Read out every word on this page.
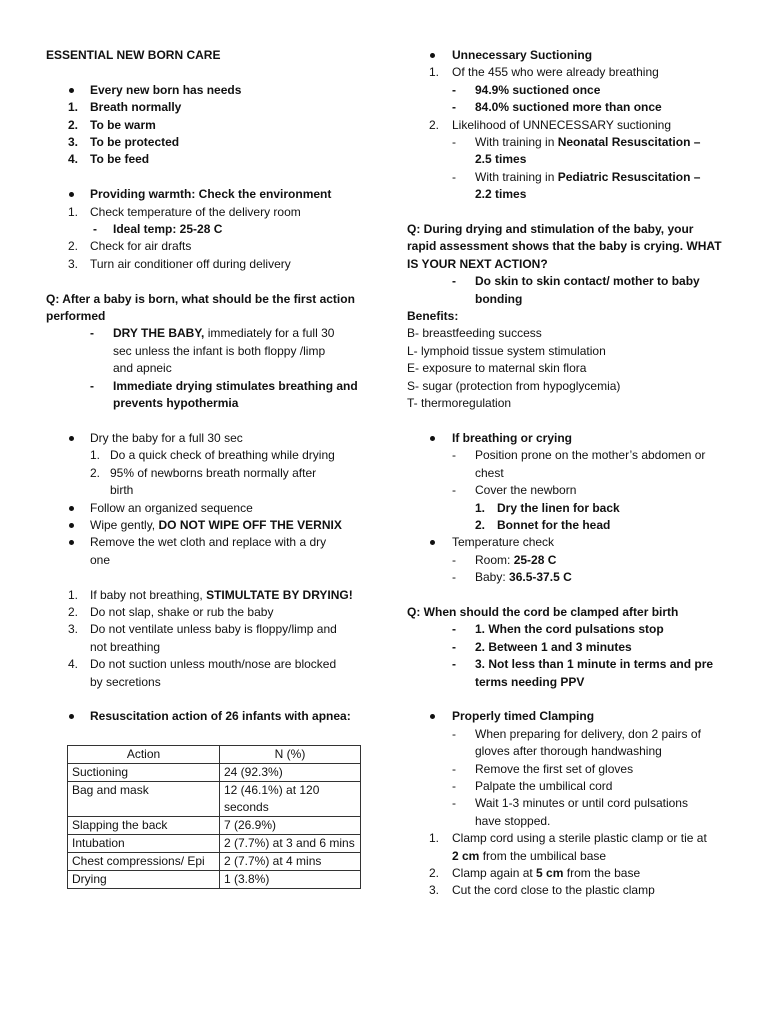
ESSENTIAL NEW BORN CARE
Every new born has needs
1. Breath normally
2. To be warm
3. To be protected
4. To be feed
Providing warmth: Check the environment
1. Check temperature of the delivery room
- Ideal temp: 25-28 C
2. Check for air drafts
3. Turn air conditioner off during delivery
Q: After a baby is born, what should be the first action
performed
- DRY THE BABY, immediately for a full 30
sec unless the infant is both floppy /limp
and apneic
- Immediate drying stimulates breathing and
prevents hypothermia
Dry the baby for a full 30 sec
1. Do a quick check of breathing while drying
2. 95% of newborns breath normally after
birth
Follow an organized sequence
Wipe gently, DO NOT WIPE OFF THE VERNIX
Remove the wet cloth and replace with a dry
one
1. If baby not breathing, STIMULTATE BY DRYING!
2. Do not slap, shake or rub the baby
3. Do not ventilate unless baby is floppy/limp and
not breathing
4. Do not suction unless mouth/nose are blocked
by secretions
Resuscitation action of 26 infants with apnea:
Action	N (%)
Suctioning	24 (92.3%)
Bag and mask	12 (46.1%) at 120 seconds
Slapping the back	7 (26.9%)
Intubation	2 (7.7%) at 3 and 6 mins
Chest compressions/ Epi	2 (7.7%) at 4 mins
Drying	1 (3.8%)
Unnecessary Suctioning
1. Of the 455 who were already breathing
- 94.9% suctioned once
- 84.0% suctioned more than once
2. Likelihood of UNNECESSARY suctioning
- With training in Neonatal Resuscitation –
2.5 times
- With training in Pediatric Resuscitation –
2.2 times
Q: During drying and stimulation of the baby, your
rapid assessment shows that the baby is crying. WHAT
IS YOUR NEXT ACTION?
- Do skin to skin contact/ mother to baby
bonding
Benefits:
B- breastfeeding success
L- lymphoid tissue system stimulation
E- exposure to maternal skin flora
S- sugar (protection from hypoglycemia)
T- thermoregulation
If breathing or crying
- Position prone on the mother’s abdomen or
chest
- Cover the newborn
1. Dry the linen for back
2. Bonnet for the head
Temperature check
- Room: 25-28 C
- Baby: 36.5-37.5 C
Q: When should the cord be clamped after birth
- 1. When the cord pulsations stop
- 2. Between 1 and 3 minutes
- 3. Not less than 1 minute in terms and pre
terms needing PPV
Properly timed Clamping
- When preparing for delivery, don 2 pairs of
gloves after thorough handwashing
- Remove the first set of gloves
- Palpate the umbilical cord
- Wait 1-3 minutes or until cord pulsations
have stopped.
1. Clamp cord using a sterile plastic clamp or tie at
2 cm from the umbilical base
2. Clamp again at 5 cm from the base
3. Cut the cord close to the plastic clamp
